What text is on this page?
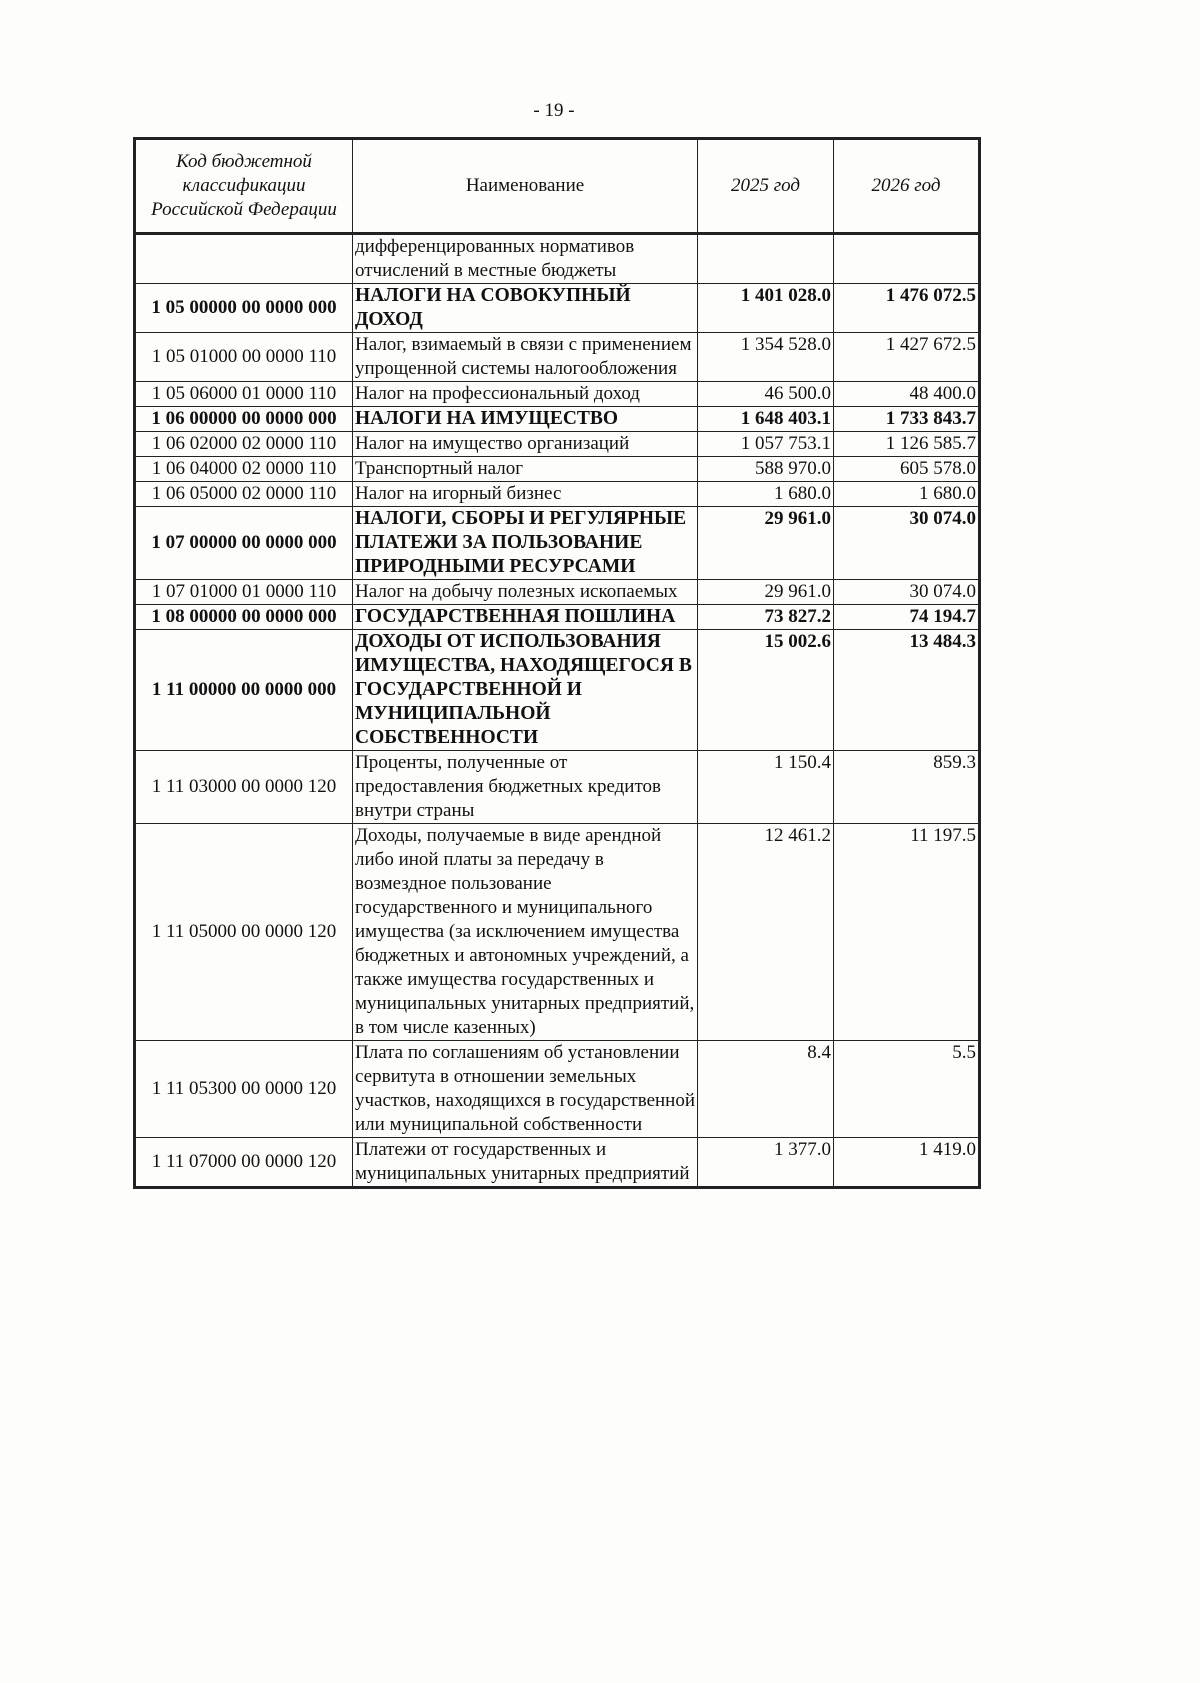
- 19 -
Код бюджетной классификации Российской Федерации	Наименование	2025 год	2026 год
	дифференцированных нормативов отчислений в местные бюджеты		
1 05 00000 00 0000 000	НАЛОГИ НА СОВОКУПНЫЙ ДОХОД	1 401 028.0	1 476 072.5
1 05 01000 00 0000 110	Налог, взимаемый в связи с применением упрощенной системы налогообложения	1 354 528.0	1 427 672.5
1 05 06000 01 0000 110	Налог на профессиональный доход	46 500.0	48 400.0
1 06 00000 00 0000 000	НАЛОГИ НА ИМУЩЕСТВО	1 648 403.1	1 733 843.7
1 06 02000 02 0000 110	Налог на имущество организаций	1 057 753.1	1 126 585.7
1 06 04000 02 0000 110	Транспортный налог	588 970.0	605 578.0
1 06 05000 02 0000 110	Налог на игорный бизнес	1 680.0	1 680.0
1 07 00000 00 0000 000	НАЛОГИ, СБОРЫ И РЕГУЛЯРНЫЕ ПЛАТЕЖИ ЗА ПОЛЬЗОВАНИЕ ПРИРОДНЫМИ РЕСУРСАМИ	29 961.0	30 074.0
1 07 01000 01 0000 110	Налог на добычу полезных ископаемых	29 961.0	30 074.0
1 08 00000 00 0000 000	ГОСУДАРСТВЕННАЯ ПОШЛИНА	73 827.2	74 194.7
1 11 00000 00 0000 000	ДОХОДЫ ОТ ИСПОЛЬЗОВАНИЯ ИМУЩЕСТВА, НАХОДЯЩЕГОСЯ В ГОСУДАРСТВЕННОЙ И МУНИЦИПАЛЬНОЙ СОБСТВЕННОСТИ	15 002.6	13 484.3
1 11 03000 00 0000 120	Проценты, полученные от предоставления бюджетных кредитов внутри страны	1 150.4	859.3
1 11 05000 00 0000 120	Доходы, получаемые в виде арендной либо иной платы за передачу в возмездное пользование государственного и муниципального имущества (за исключением имущества бюджетных и автономных учреждений, а также имущества государственных и муниципальных унитарных предприятий, в том числе казенных)	12 461.2	11 197.5
1 11 05300 00 0000 120	Плата по соглашениям об установлении сервитута в отношении земельных участков, находящихся в государственной или муниципальной собственности	8.4	5.5
1 11 07000 00 0000 120	Платежи от государственных и муниципальных унитарных предприятий	1 377.0	1 419.0
